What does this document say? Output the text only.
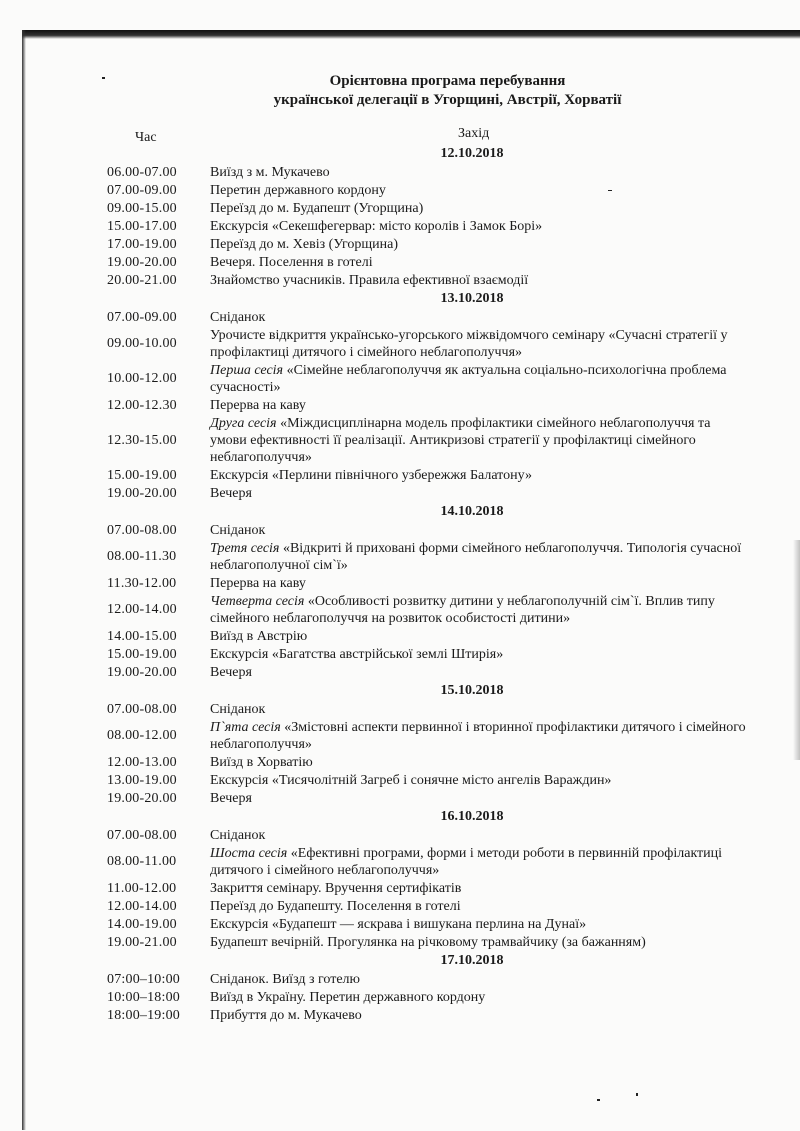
Орієнтовна програма перебування
української делегації в Угорщині, Австрії, Хорватії
Час	Захід
12.10.2018
06.00-07.00	Виїзд з м. Мукачево
07.00-09.00	Перетин державного кордону
09.00-15.00	Переїзд до м. Будапешт (Угорщина)
15.00-17.00	Екскурсія «Секешфегервар: місто королів і Замок Борі»
17.00-19.00	Переїзд до м. Хевіз (Угорщина)
19.00-20.00	Вечеря. Поселення в готелі
20.00-21.00	Знайомство учасників. Правила ефективної взаємодії
13.10.2018
07.00-09.00	Сніданок
09.00-10.00
Урочисте відкриття українсько-угорського міжвідомчого семінару «Сучасні стратегії у профілактиці дитячого і сімейного неблагополуччя»
10.00-12.00
Перша сесія «Сімейне неблагополуччя як актуальна соціально-психологічна проблема сучасності»
12.00-12.30	Перерва на каву
12.30-15.00
Друга сесія «Міждисциплінарна модель профілактики сімейного неблагополуччя та умови ефективності її реалізації. Антикризові стратегії у профілактиці сімейного неблагополуччя»
15.00-19.00	Екскурсія «Перлини північного узбережжя Балатону»
19.00-20.00	Вечеря
14.10.2018
07.00-08.00	Сніданок
08.00-11.30
Третя сесія «Відкриті й приховані форми сімейного неблагополуччя. Типологія сучасної неблагополучної сім`ї»
11.30-12.00	Перерва на каву
12.00-14.00
Четверта сесія «Особливості розвитку дитини у неблагополучній сім`ї. Вплив типу сімейного неблагополуччя на розвиток особистості дитини»
14.00-15.00	Виїзд в Австрію
15.00-19.00	Екскурсія «Багатства австрійської землі Штирія»
19.00-20.00	Вечеря
15.10.2018
07.00-08.00	Сніданок
08.00-12.00
П`ята сесія «Змістовні аспекти первинної і вторинної профілактики дитячого і сімейного неблагополуччя»
12.00-13.00	Виїзд в Хорватію
13.00-19.00	Екскурсія «Тисячолітній Загреб і сонячне місто ангелів Вараждин»
19.00-20.00	Вечеря
16.10.2018
07.00-08.00	Сніданок
08.00-11.00
Шоста сесія «Ефективні програми, форми і методи роботи в первинній профілактиці дитячого і сімейного неблагополуччя»
11.00-12.00	Закриття семінару. Вручення сертифікатів
12.00-14.00	Переїзд до Будапешту. Поселення в готелі
14.00-19.00	Екскурсія «Будапешт — яскрава і вишукана перлина на Дунаї»
19.00-21.00	Будапешт вечірній. Прогулянка на річковому трамвайчику (за бажанням)
17.10.2018
07:00–10:00	Сніданок. Виїзд з готелю
10:00–18:00	Виїзд в Україну. Перетин державного кордону
18:00–19:00	Прибуття до м. Мукачево
